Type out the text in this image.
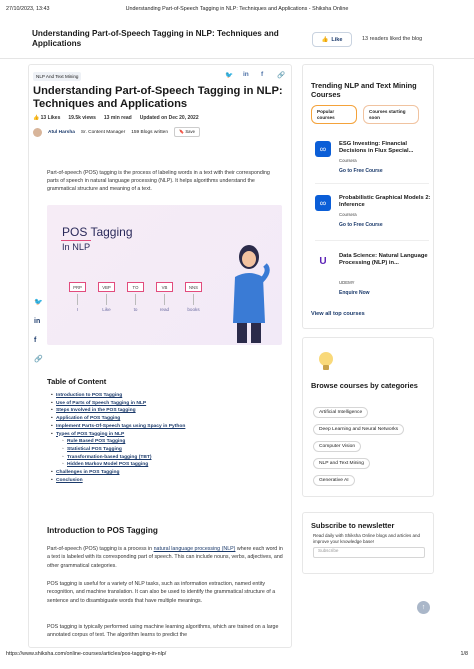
27/10/2023, 13:43	Understanding Part-of-Speech Tagging in NLP: Techniques and Applications - Shiksha Online
Understanding Part-of-Speech Tagging in NLP: Techniques and Applications	👍 Like	13 readers liked the blog
🐦
in
f
🔗
NLP And Text Mining	🐦 in f 🔗
Understanding Part-of-Speech Tagging in NLP: Techniques and Applications
👍 13 Likes 19.5k views 13 min read Updated on Dec 20, 2022
Atul Harsha Sr. Content Manager 159 Blogs written	🔖 Save
Part-of-speech (POS) tagging is the process of labeling words in a text with their corresponding parts of speech in natural language processing (NLP). It helps algorithms understand the grammatical structure and meaning of a text.
POS Tagging
In NLP
PRP	VBP	TO	VB	NNS
I	Like	to	read	books
Table of Content
• Introduction to POS Tagging
• Use of Parts of Speech Tagging in NLP
• Steps Involved in the POS tagging
• Application of POS Tagging
• Implement Parts-Of-Speech tags using Spacy in Python
• Types of POS Tagging in NLP
◦ Rule Based POS Tagging
◦ Statistical POS Tagging
◦ Transformation-based tagging (TBT)
◦ Hidden Markov Model POS tagging
• Challenges in POS Tagging
• Conclusion
Introduction to POS Tagging
Part-of-speech (POS) tagging is a process in natural language processing (NLP) where each word in a text is labeled with its corresponding part of speech. This can include nouns, verbs, adjectives, and other grammatical categories.
POS tagging is useful for a variety of NLP tasks, such as information extraction, named entity recognition, and machine translation. It can also be used to identify the grammatical structure of a sentence and to disambiguate words that have multiple meanings.
POS tagging is typically performed using machine learning algorithms, which are trained on a large annotated corpus of text. The algorithm learns to predict the
Trending NLP and Text Mining Courses
Popular courses
Courses starting soon
∞	ESG Investing: Financial Decisions in Flux Special...
Coursera
Go to Free Course
∞	Probabilistic Graphical Models 2: Inference
Coursera
Go to Free Course
U	Data Science: Natural Language Processing (NLP) in...
UDEMY
Enquire Now
View all top courses
Browse courses by categories
Artificial Intelligence
Deep Learning and Neural Networks
Computer Vision
NLP and Text Mining
Generative AI
Subscribe to newsletter
Read daily with Shiksha Online blogs and articles and improve your knowledge base!
Subscribe
↑
https://www.shiksha.com/online-courses/articles/pos-tagging-in-nlp/	1/8
